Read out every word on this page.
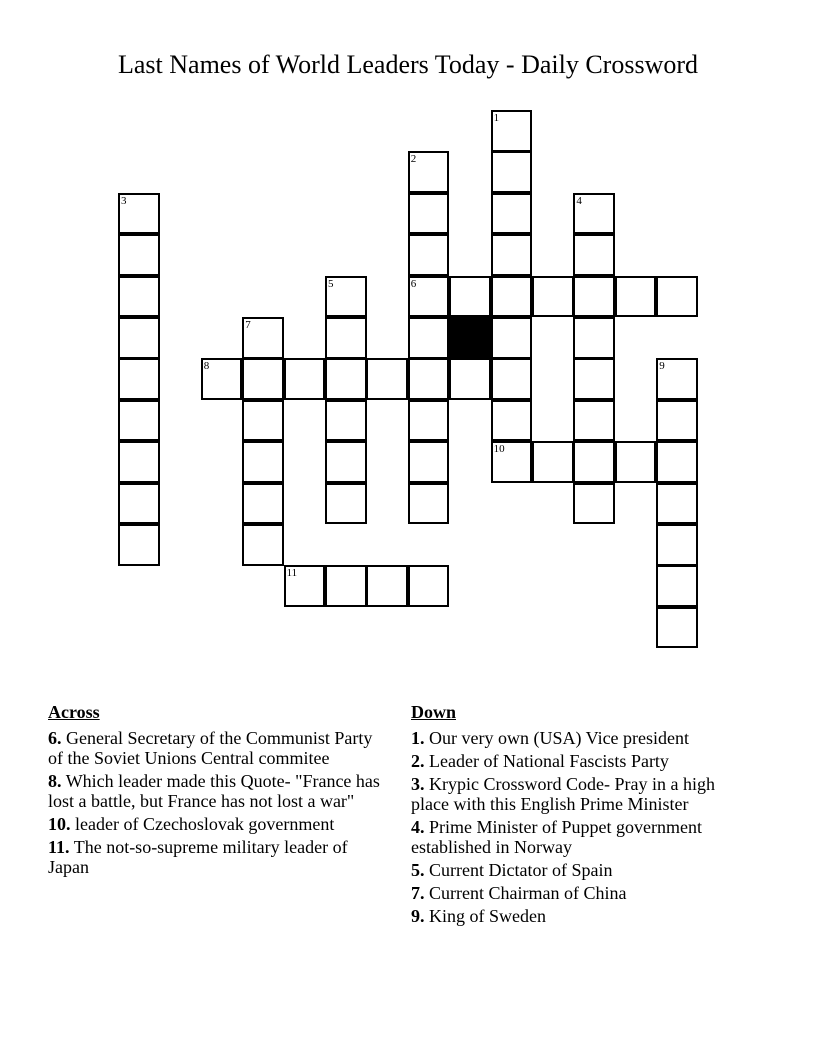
Last Names of World Leaders Today - Daily Crossword
1
10
2
6
3	4
5
7
8	9
11
Across
6. General Secretary of the Communist Party of the Soviet Unions Central commitee
8. Which leader made this Quote- "France has lost a battle, but France has not lost a war"
10. leader of Czechoslovak government
11. The not-so-supreme military leader of Japan
Down
1. Our very own (USA) Vice president
2. Leader of National Fascists Party
3. Krypic Crossword Code- Pray in a high place with this English Prime Minister
4. Prime Minister of Puppet government established in Norway
5. Current Dictator of Spain
7. Current Chairman of China
9. King of Sweden
